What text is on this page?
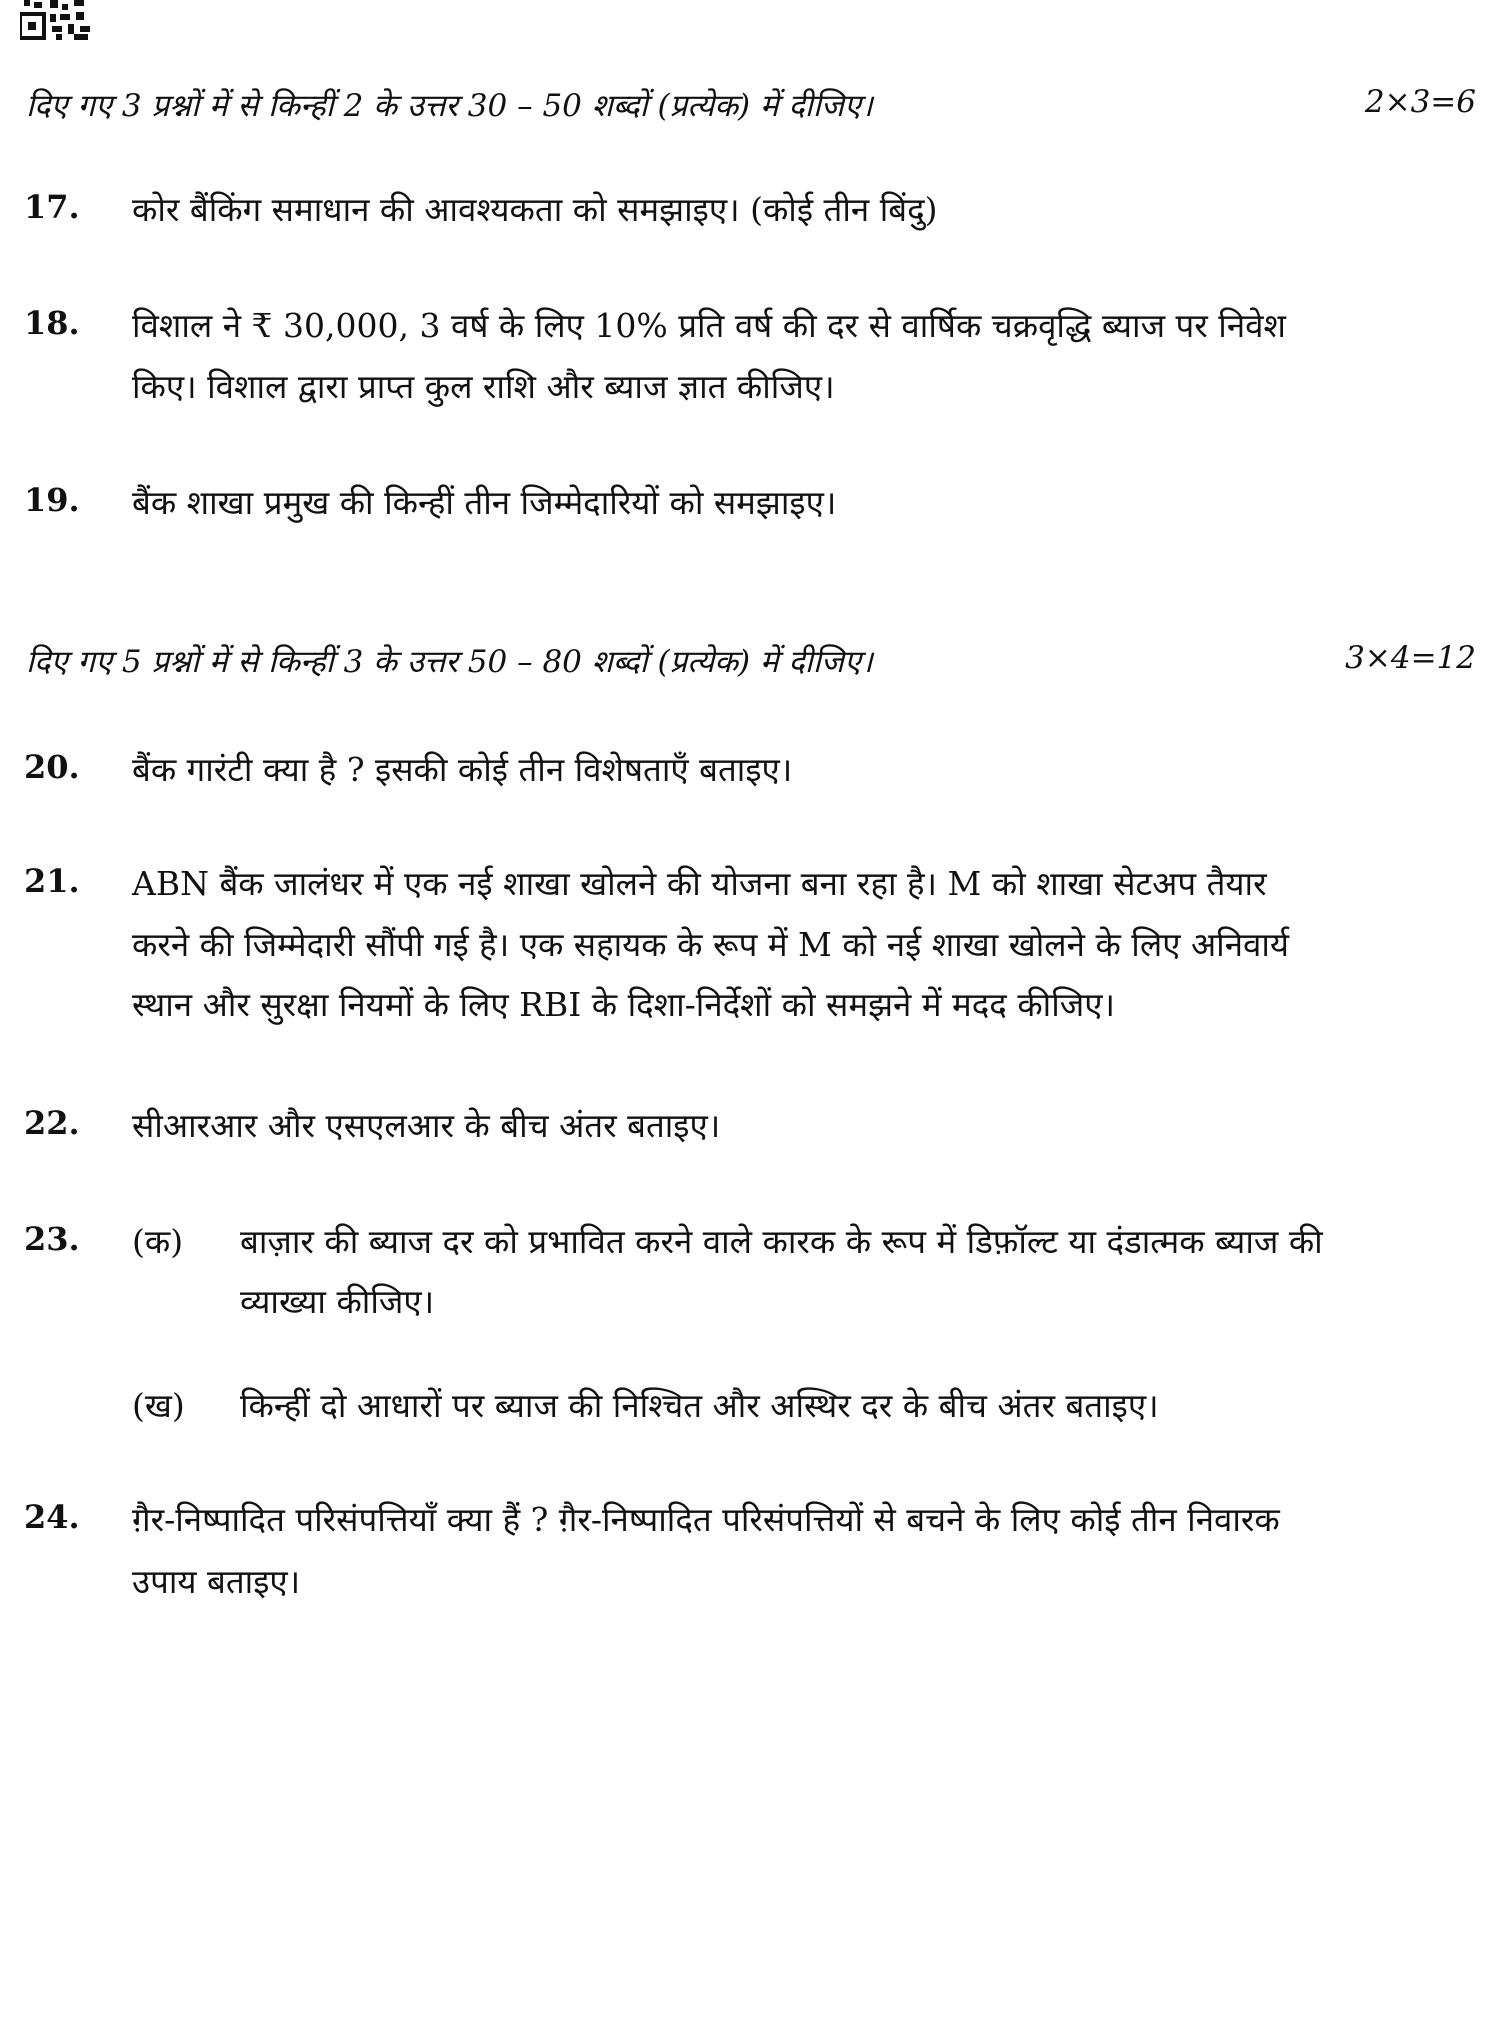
दिए गए 3 प्रश्नों में से किन्हीं 2 के उत्तर 30 – 50 शब्दों (प्रत्येक) में दीजिए।	2×3=6
17. कोर बैंकिंग समाधान की आवश्यकता को समझाइए। (कोई तीन बिंदु)
18. विशाल ने ₹ 30,000, 3 वर्ष के लिए 10% प्रति वर्ष की दर से वार्षिक चक्रवृद्धि ब्याज पर निवेश
किए। विशाल द्वारा प्राप्त कुल राशि और ब्याज ज्ञात कीजिए।
19. बैंक शाखा प्रमुख की किन्हीं तीन जिम्मेदारियों को समझाइए।
दिए गए 5 प्रश्नों में से किन्हीं 3 के उत्तर 50 – 80 शब्दों (प्रत्येक) में दीजिए।	3×4=12
20. बैंक गारंटी क्या है ? इसकी कोई तीन विशेषताएँ बताइए।
21. ABN बैंक जालंधर में एक नई शाखा खोलने की योजना बना रहा है। M को शाखा सेटअप तैयार
करने की जिम्मेदारी सौंपी गई है। एक सहायक के रूप में M को नई शाखा खोलने के लिए अनिवार्य
स्थान और सुरक्षा नियमों के लिए RBI के दिशा-निर्देशों को समझने में मदद कीजिए।
22. सीआरआर और एसएलआर के बीच अंतर बताइए।
23. (क) बाज़ार की ब्याज दर को प्रभावित करने वाले कारक के रूप में डिफ़ॉल्ट या दंडात्मक ब्याज की
व्याख्या कीजिए।
(ख) किन्हीं दो आधारों पर ब्याज की निश्चित और अस्थिर दर के बीच अंतर बताइए।
24. ग़ैर-निष्पादित परिसंपत्तियाँ क्या हैं ? ग़ैर-निष्पादित परिसंपत्तियों से बचने के लिए कोई तीन निवारक
उपाय बताइए।
